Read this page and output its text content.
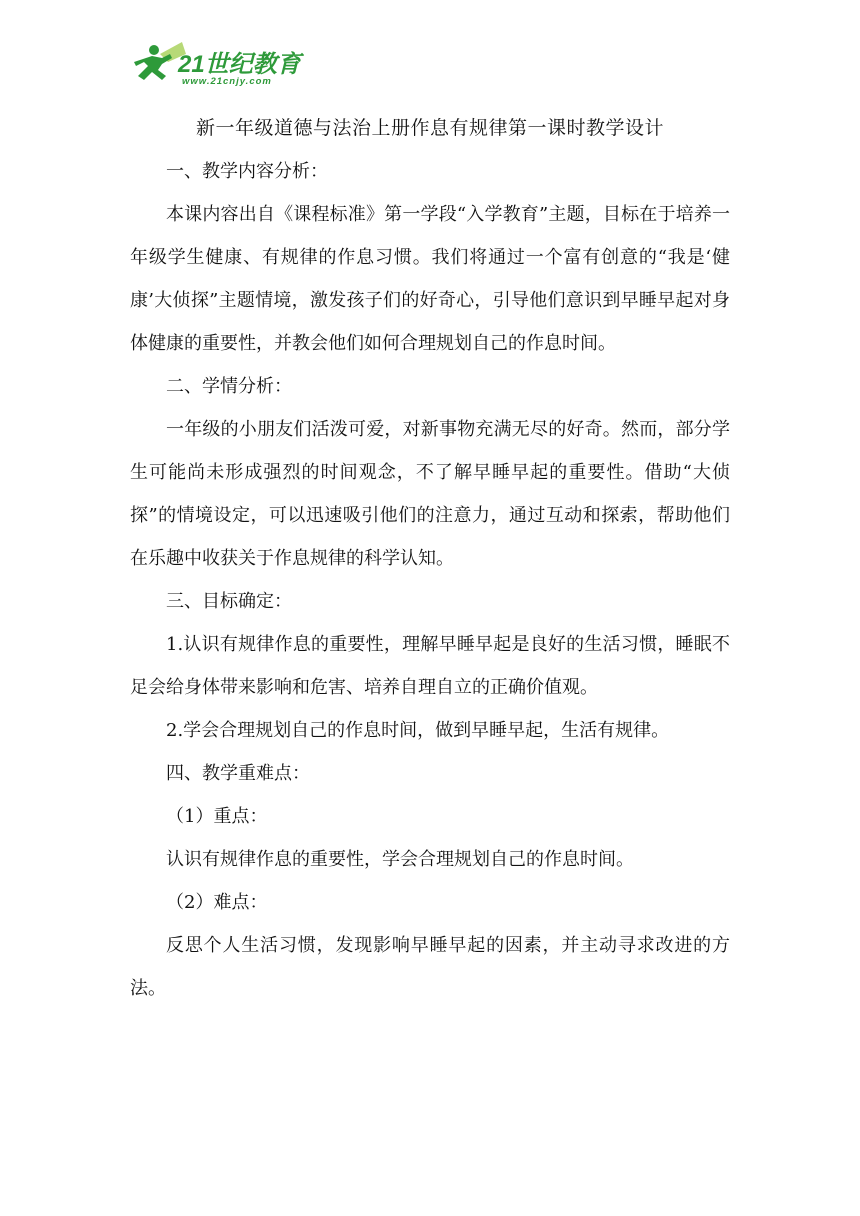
21世纪教育
www.21cnjy.com
新一年级道德与法治上册作息有规律第一课时教学设计

一、教学内容分析：

本课内容出自《课程标准》第一学段“入学教育”主题，目标在于培养一年级学生健康、有规律的作息习惯。我们将通过一个富有创意的“我是‘健康’大侦探”主题情境，激发孩子们的好奇心，引导他们意识到早睡早起对身体健康的重要性，并教会他们如何合理规划自己的作息时间。

二、学情分析：

一年级的小朋友们活泼可爱，对新事物充满无尽的好奇。然而，部分学生可能尚未形成强烈的时间观念，不了解早睡早起的重要性。借助“大侦探”的情境设定，可以迅速吸引他们的注意力，通过互动和探索，帮助他们在乐趣中收获关于作息规律的科学认知。

三、目标确定：

1.认识有规律作息的重要性，理解早睡早起是良好的生活习惯，睡眠不足会给身体带来影响和危害、培养自理自立的正确价值观。

2.学会合理规划自己的作息时间，做到早睡早起，生活有规律。

四、教学重难点：

（1）重点：

认识有规律作息的重要性，学会合理规划自己的作息时间。

（2）难点：

反思个人生活习惯，发现影响早睡早起的因素，并主动寻求改进的方法。
